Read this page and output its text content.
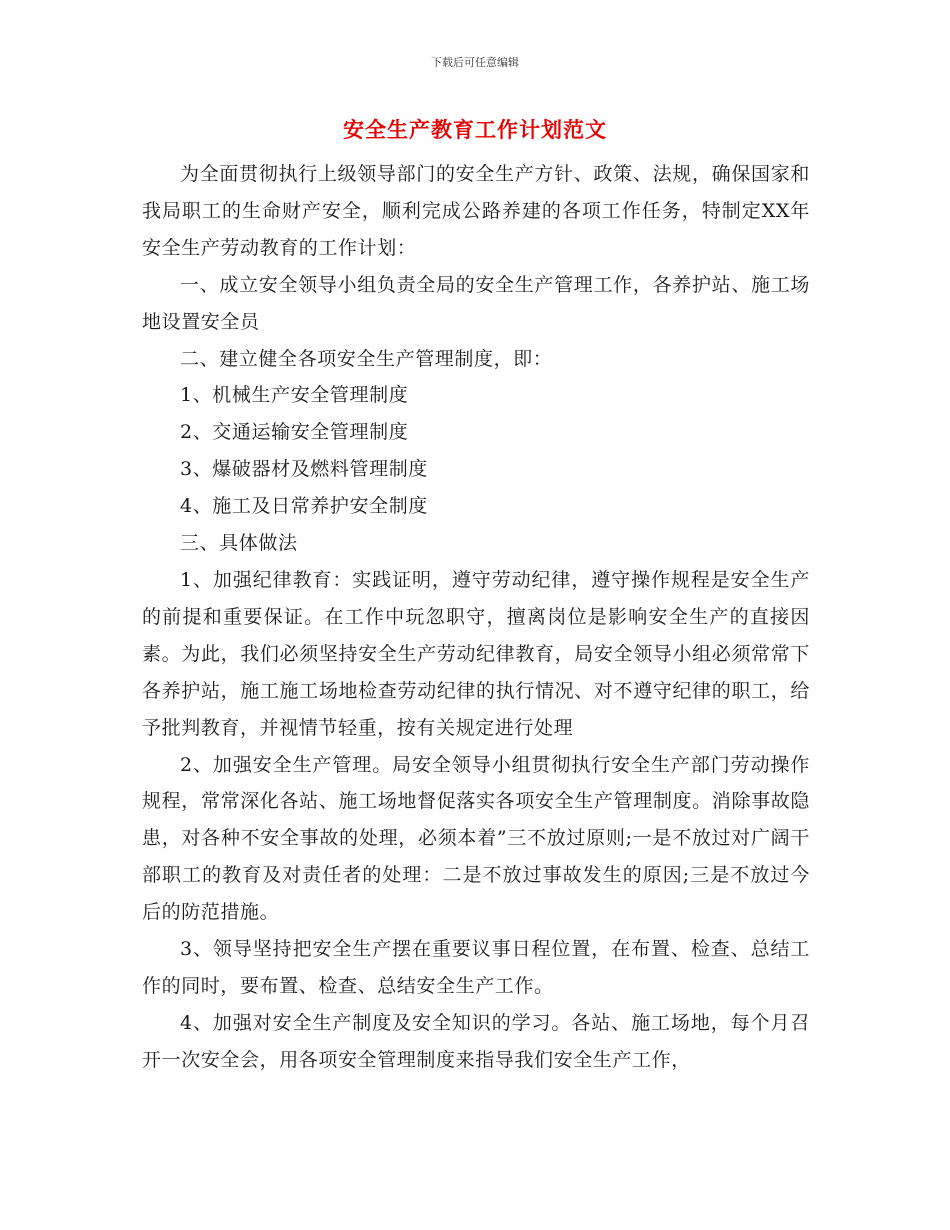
下载后可任意编辑
安全生产教育工作计划范文

为全面贯彻执行上级领导部门的安全生产方针、政策、法规，确保国家和我局职工的生命财产安全，顺利完成公路养建的各项工作任务，特制定XX年安全生产劳动教育的工作计划：

一、成立安全领导小组负责全局的安全生产管理工作，各养护站、施工场地设置安全员

二、建立健全各项安全生产管理制度，即：

1、机械生产安全管理制度

2、交通运输安全管理制度

3、爆破器材及燃料管理制度

4、施工及日常养护安全制度

三、具体做法

1、加强纪律教育：实践证明，遵守劳动纪律，遵守操作规程是安全生产的前提和重要保证。在工作中玩忽职守，擅离岗位是影响安全生产的直接因素。为此，我们必须坚持安全生产劳动纪律教育，局安全领导小组必须常常下各养护站，施工施工场地检查劳动纪律的执行情况、对不遵守纪律的职工，给予批判教育，并视情节轻重，按有关规定进行处理

2、加强安全生产管理。局安全领导小组贯彻执行安全生产部门劳动操作规程，常常深化各站、施工场地督促落实各项安全生产管理制度。消除事故隐患，对各种不安全事故的处理，必须本着”三不放过原则;一是不放过对广阔干部职工的教育及对责任者的处理：二是不放过事故发生的原因;三是不放过今后的防范措施。

3、领导坚持把安全生产摆在重要议事日程位置，在布置、检查、总结工作的同时，要布置、检查、总结安全生产工作。

4、加强对安全生产制度及安全知识的学习。各站、施工场地，每个月召开一次安全会，用各项安全管理制度来指导我们安全生产工作，
